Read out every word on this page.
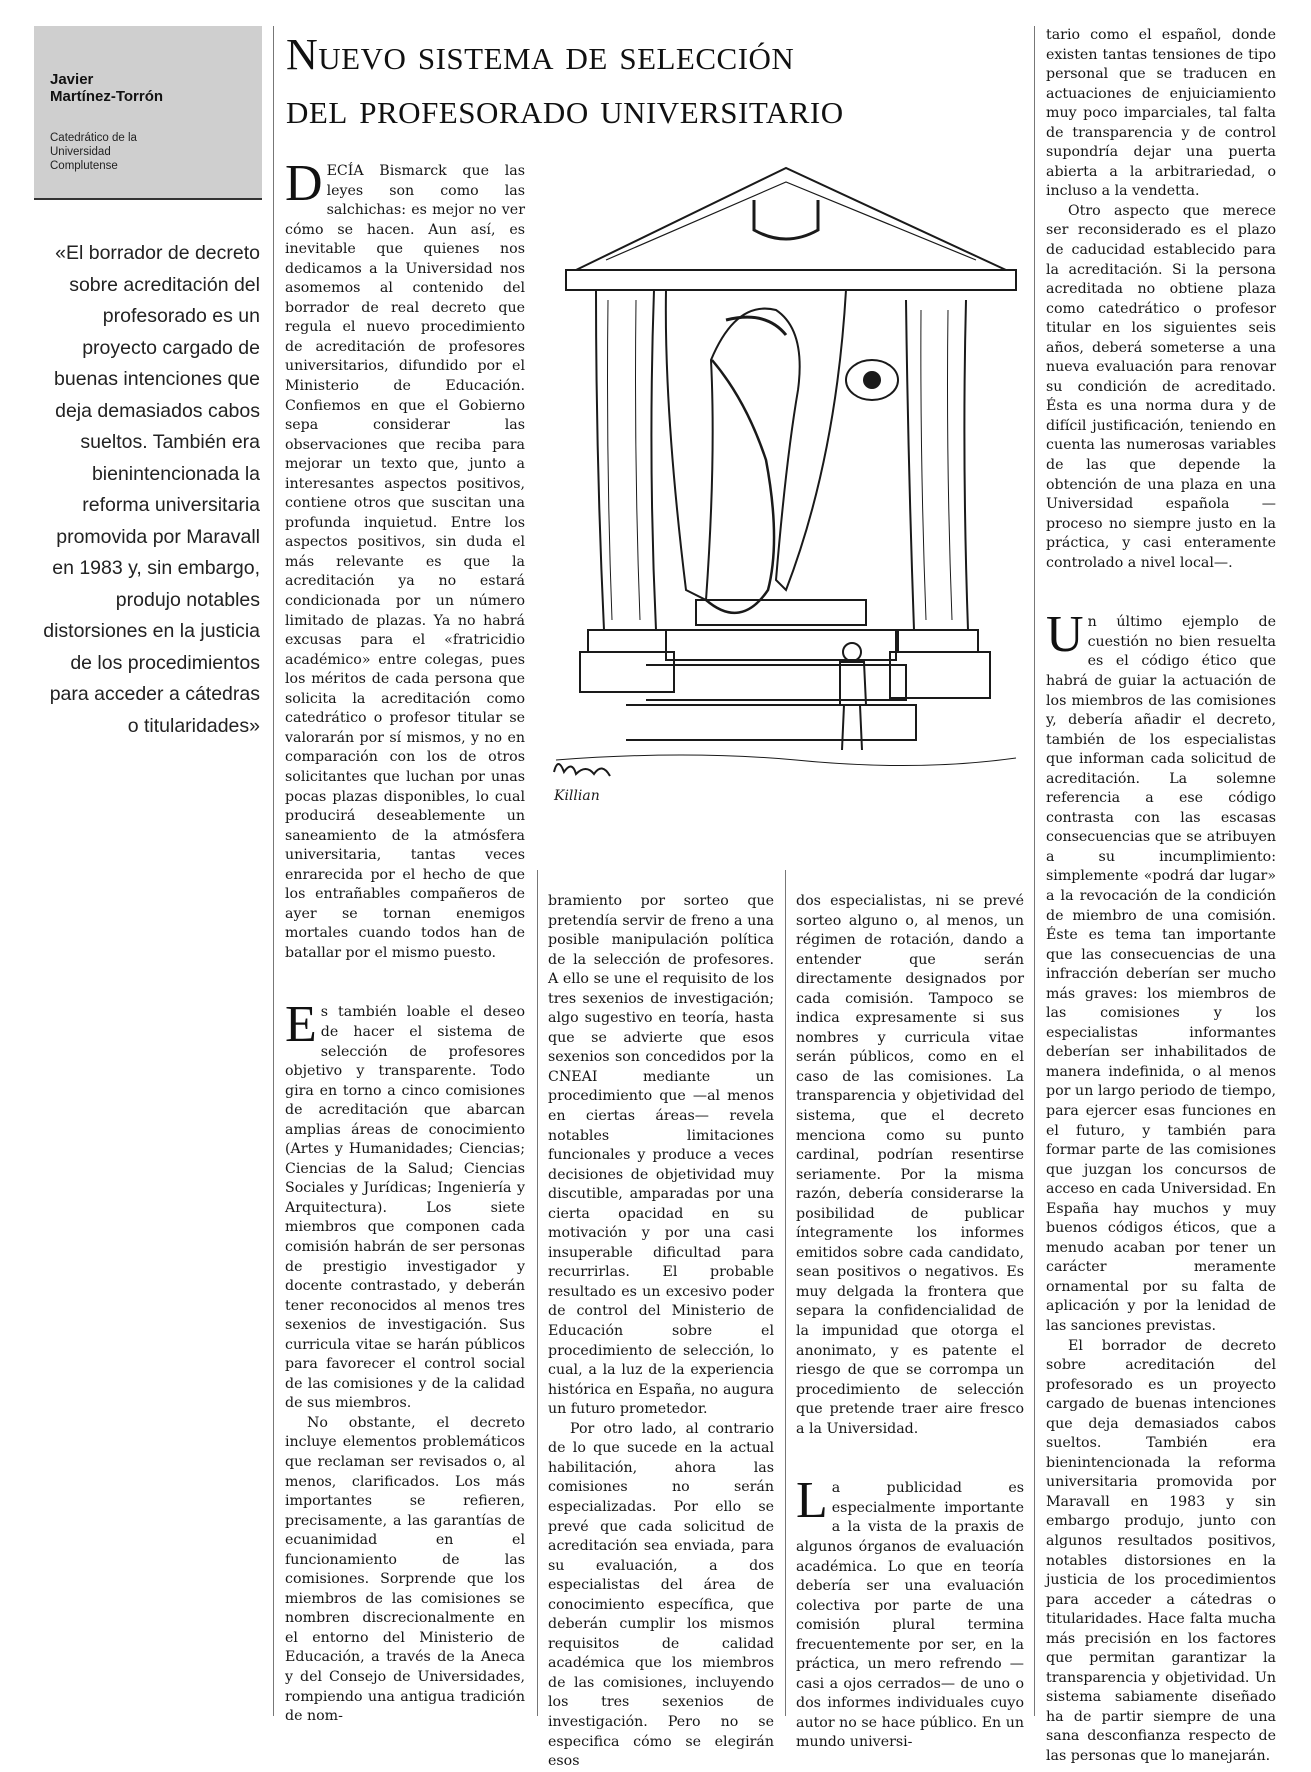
Javier
Martínez-Torrón
Catedrático de la
Universidad
Complutense
«El borrador de decreto sobre acreditación del profesorado es un proyecto cargado de buenas intenciones que deja demasiados cabos sueltos. También era bienintencionada la reforma universitaria promovida por Maravall en 1983 y, sin embargo, produjo notables distorsiones en la justicia de los procedimientos para acceder a cátedras o titularidades»
Nuevo sistema de selección
del profesorado universitario
Killian

DECÍA Bismarck que las leyes son como las salchichas: es mejor no ver cómo se hacen. Aun así, es inevitable que quienes nos dedicamos a la Universidad nos asomemos al contenido del borrador de real decreto que regula el nuevo procedimiento de acreditación de profesores universitarios, difundido por el Ministerio de Educación. Confiemos en que el Gobierno sepa considerar las observaciones que reciba para mejorar un texto que, junto a interesantes aspectos positivos, contiene otros que suscitan una profunda inquietud. Entre los aspectos positivos, sin duda el más relevante es que la acreditación ya no estará condicionada por un número limitado de plazas. Ya no habrá excusas para el «fratricidio académico» entre colegas, pues los méritos de cada persona que solicita la acreditación como catedrático o profesor titular se valorarán por sí mismos, y no en comparación con los de otros solicitantes que luchan por unas pocas plazas disponibles, lo cual producirá deseablemente un saneamiento de la atmósfera universitaria, tantas veces enrarecida por el hecho de que los entrañables compañeros de ayer se tornan enemigos mortales cuando todos han de batallar por el mismo puesto.

Es también loable el deseo de hacer el sistema de selección de profesores objetivo y transparente. Todo gira en torno a cinco comisiones de acreditación que abarcan amplias áreas de conocimiento (Artes y Humanidades; Ciencias; Ciencias de la Salud; Ciencias Sociales y Jurídicas; Ingeniería y Arquitectura). Los siete miembros que componen cada comisión habrán de ser personas de prestigio investigador y docente contrastado, y deberán tener reconocidos al menos tres sexenios de investigación. Sus curricula vitae se harán públicos para favorecer el control social de las comisiones y de la calidad de sus miembros.

No obstante, el decreto incluye elementos problemáticos que reclaman ser revisados o, al menos, clarificados. Los más importantes se refieren, precisamente, a las garantías de ecuanimidad en el funcionamiento de las comisiones. Sorprende que los miembros de las comisiones se nombren discrecionalmente en el entorno del Ministerio de Educación, a través de la Aneca y del Consejo de Universidades, rompiendo una antigua tradición de nom-

bramiento por sorteo que pretendía servir de freno a una posible manipulación política de la selección de profesores. A ello se une el requisito de los tres sexenios de investigación; algo sugestivo en teoría, hasta que se advierte que esos sexenios son concedidos por la CNEAI mediante un procedimiento que —al menos en ciertas áreas— revela notables limitaciones funcionales y produce a veces decisiones de objetividad muy discutible, amparadas por una cierta opacidad en su motivación y por una casi insuperable dificultad para recurrirlas. El probable resultado es un excesivo poder de control del Ministerio de Educación sobre el procedimiento de selección, lo cual, a la luz de la experiencia histórica en España, no augura un futuro prometedor.

Por otro lado, al contrario de lo que sucede en la actual habilitación, ahora las comisiones no serán especializadas. Por ello se prevé que cada solicitud de acreditación sea enviada, para su evaluación, a dos especialistas del área de conocimiento específica, que deberán cumplir los mismos requisitos de calidad académica que los miembros de las comisiones, incluyendo los tres sexenios de investigación. Pero no se especifica cómo se elegirán esos

dos especialistas, ni se prevé sorteo alguno o, al menos, un régimen de rotación, dando a entender que serán directamente designados por cada comisión. Tampoco se indica expresamente si sus nombres y curricula vitae serán públicos, como en el caso de las comisiones. La transparencia y objetividad del sistema, que el decreto menciona como su punto cardinal, podrían resentirse seriamente. Por la misma razón, debería considerarse la posibilidad de publicar íntegramente los informes emitidos sobre cada candidato, sean positivos o negativos. Es muy delgada la frontera que separa la confidencialidad de la impunidad que otorga el anonimato, y es patente el riesgo de que se corrompa un procedimiento de selección que pretende traer aire fresco a la Universidad.

La publicidad es especialmente importante a la vista de la praxis de algunos órganos de evaluación académica. Lo que en teoría debería ser una evaluación colectiva por parte de una comisión plural termina frecuentemente por ser, en la práctica, un mero refrendo —casi a ojos cerrados— de uno o dos informes individuales cuyo autor no se hace público. En un mundo universi-

tario como el español, donde existen tantas tensiones de tipo personal que se traducen en actuaciones de enjuiciamiento muy poco imparciales, tal falta de transparencia y de control supondría dejar una puerta abierta a la arbitrariedad, o incluso a la vendetta.

Otro aspecto que merece ser reconsiderado es el plazo de caducidad establecido para la acreditación. Si la persona acreditada no obtiene plaza como catedrático o profesor titular en los siguientes seis años, deberá someterse a una nueva evaluación para renovar su condición de acreditado. Ésta es una norma dura y de difícil justificación, teniendo en cuenta las numerosas variables de las que depende la obtención de una plaza en una Universidad española —proceso no siempre justo en la práctica, y casi enteramente controlado a nivel local—.

Un último ejemplo de cuestión no bien resuelta es el código ético que habrá de guiar la actuación de los miembros de las comisiones y, debería añadir el decreto, también de los especialistas que informan cada solicitud de acreditación. La solemne referencia a ese código contrasta con las escasas consecuencias que se atribuyen a su incumplimiento: simplemente «podrá dar lugar» a la revocación de la condición de miembro de una comisión. Éste es tema tan importante que las consecuencias de una infracción deberían ser mucho más graves: los miembros de las comisiones y los especialistas informantes deberían ser inhabilitados de manera indefinida, o al menos por un largo periodo de tiempo, para ejercer esas funciones en el futuro, y también para formar parte de las comisiones que juzgan los concursos de acceso en cada Universidad. En España hay muchos y muy buenos códigos éticos, que a menudo acaban por tener un carácter meramente ornamental por su falta de aplicación y por la lenidad de las sanciones previstas.

El borrador de decreto sobre acreditación del profesorado es un proyecto cargado de buenas intenciones que deja demasiados cabos sueltos. También era bienintencionada la reforma universitaria promovida por Maravall en 1983 y sin embargo produjo, junto con algunos resultados positivos, notables distorsiones en la justicia de los procedimientos para acceder a cátedras o titularidades. Hace falta mucha más precisión en los factores que permitan garantizar la transparencia y objetividad. Un sistema sabiamente diseñado ha de partir siempre de una sana desconfianza respecto de las personas que lo manejarán.
